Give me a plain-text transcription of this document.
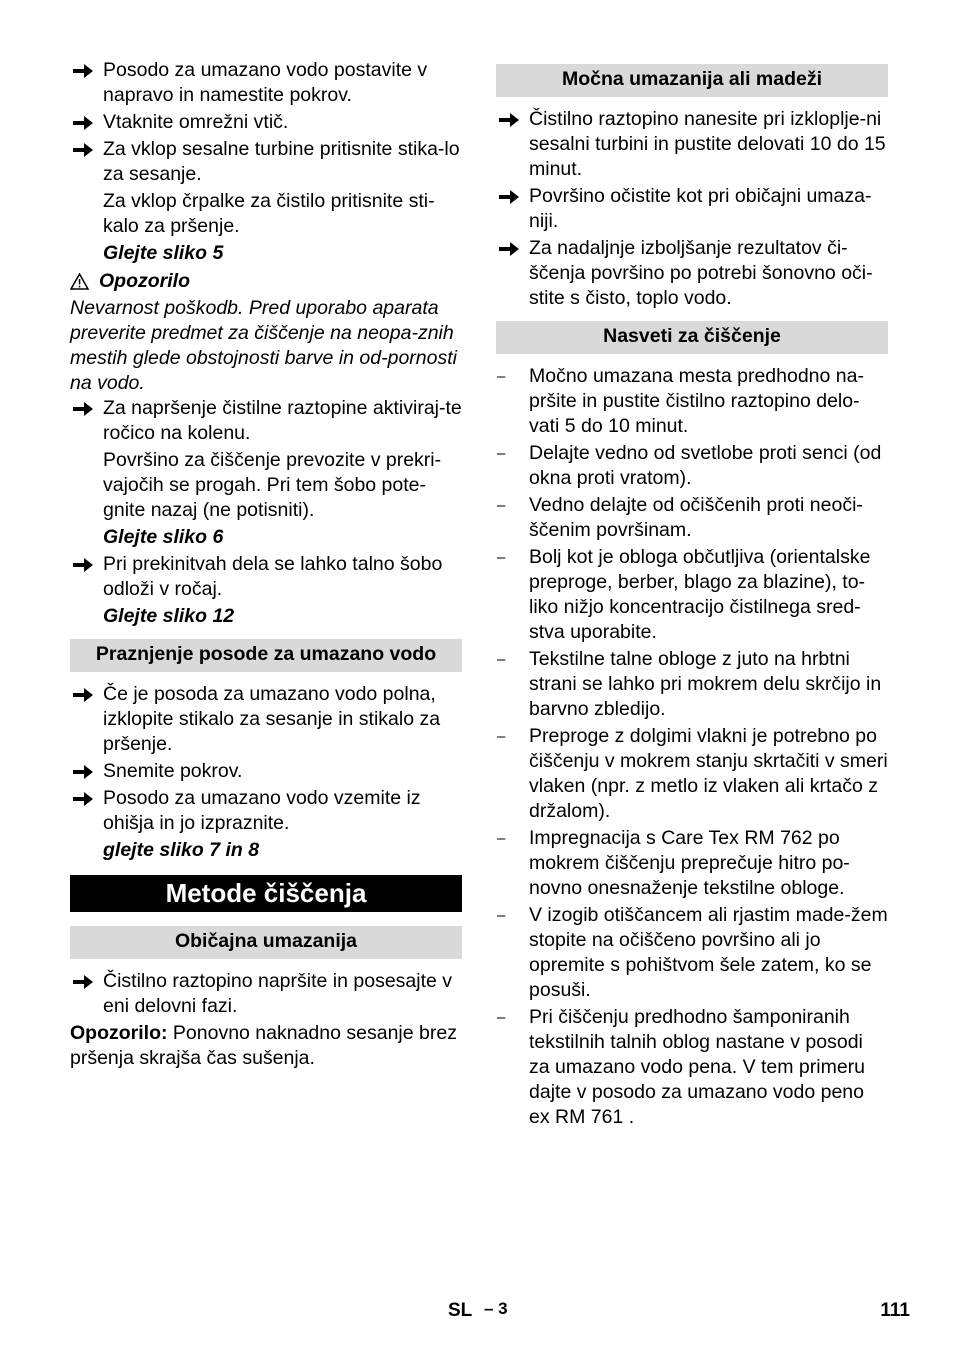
Posodo za umazano vodo postavite v napravo in namestite pokrov.
Vtaknite omrežni vtič.
Za vklop sesalne turbine pritisnite stika-lo za sesanje.
Za vklop črpalke za čistilo pritisnite sti-kalo za pršenje.
Glejte sliko 5
Opozorilo
Nevarnost poškodb. Pred uporabo aparata preverite predmet za čiščenje na neopa-znih mestih glede obstojnosti barve in od-pornosti na vodo.
Za napršenje čistilne raztopine aktiviraj-te ročico na kolenu.
Površino za čiščenje prevozite v prekri-vajočih se progah. Pri tem šobo pote-gnite nazaj (ne potisniti).
Glejte sliko 6
Pri prekinitvah dela se lahko talno šobo odloži v ročaj.
Glejte sliko 12
Praznjenje posode za umazano vodo
Če je posoda za umazano vodo polna, izklopite stikalo za sesanje in stikalo za pršenje.
Snemite pokrov.
Posodo za umazano vodo vzemite iz ohišja in jo izpraznite.
glejte sliko 7 in 8
Metode čiščenja
Običajna umazanija
Čistilno raztopino napršite in posesajte v eni delovni fazi.
Opozorilo: Ponovno naknadno sesanje brez pršenja skrajša čas sušenja.
Močna umazanija ali madeži
Čistilno raztopino nanesite pri izkloplje-ni sesalni turbini in pustite delovati 10 do 15 minut.
Površino očistite kot pri običajni umaza-niji.
Za nadaljnje izboljšanje rezultatov či-ščenja površino po potrebi šonovno oči-stite s čisto, toplo vodo.
Nasveti za čiščenje
– Močno umazana mesta predhodno na-pršite in pustite čistilno raztopino delo-vati 5 do 10 minut.
– Delajte vedno od svetlobe proti senci (od okna proti vratom).
– Vedno delajte od očiščenih proti neoči-ščenim površinam.
– Bolj kot je obloga občutljiva (orientalske preproge, berber, blago za blazine), to-liko nižjo koncentracijo čistilnega sred-stva uporabite.
– Tekstilne talne obloge z juto na hrbtni strani se lahko pri mokrem delu skrčijo in barvno zbledijo.
– Preproge z dolgimi vlakni je potrebno po čiščenju v mokrem stanju skrtačiti v smeri vlaken (npr. z metlo iz vlaken ali krtačo z držalom).
– Impregnacija s Care Tex RM 762 po mokrem čiščenju preprečuje hitro po-novno onesnaženje tekstilne obloge.
– V izogib otiščancem ali rjastim made-žem stopite na očiščeno površino ali jo opremite s pohištvom šele zatem, ko se posuši.
– Pri čiščenju predhodno šamponiranih tekstilnih talnih oblog nastane v posodi za umazano vodo pena. V tem primeru dajte v posodo za umazano vodo peno ex RM 761 .
SL – 3	111
